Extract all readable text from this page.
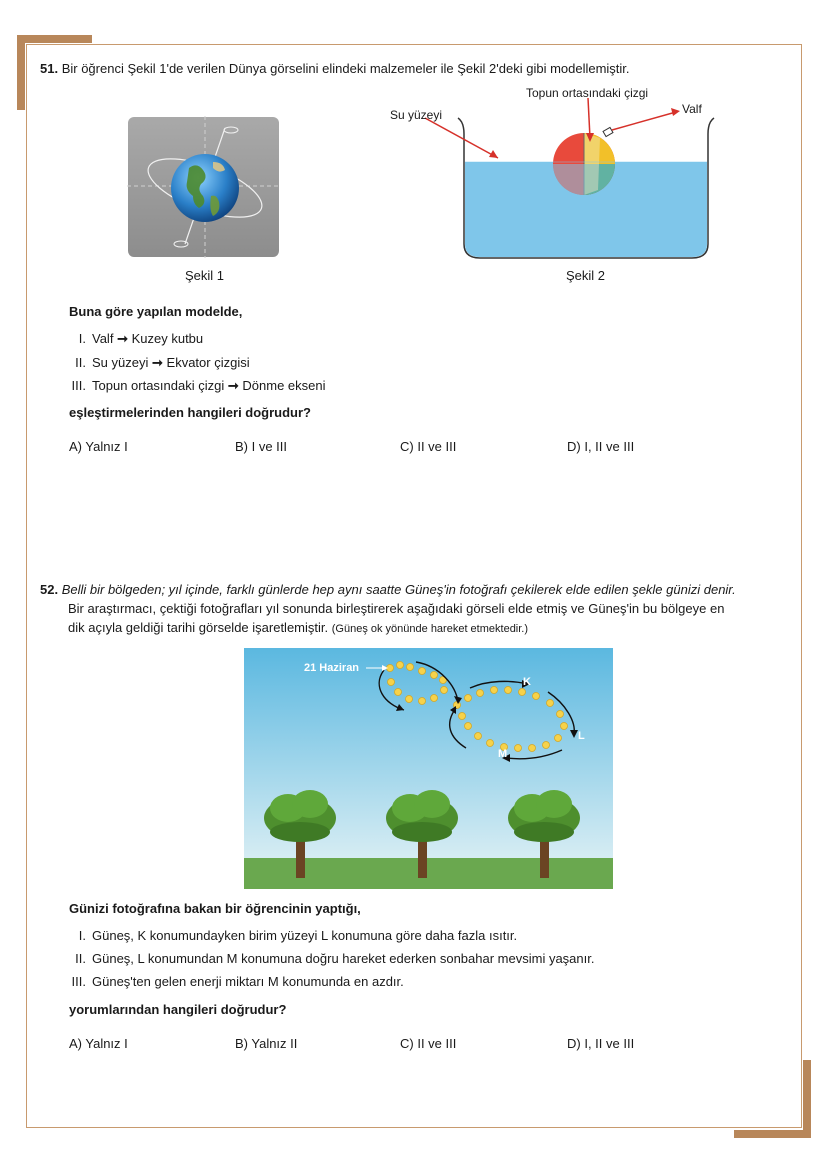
51. Bir öğrenci Şekil 1'de verilen Dünya görselini elindeki malzemeler ile Şekil 2'deki gibi modellemiştir.
Şekil 1
Su yüzeyi
Topun ortasındaki çizgi
Valf
Şekil 2
Buna göre yapılan modelde,
I. Valf ➞ Kuzey kutbu
II. Su yüzeyi ➞ Ekvator çizgisi
III. Topun ortasındaki çizgi ➞ Dönme ekseni
eşleştirmelerinden hangileri doğrudur?
A) Yalnız I	B) I ve III	C) II ve III	D) I, II ve III
52. Belli bir bölgeden; yıl içinde, farklı günlerde hep aynı saatte Güneş'in fotoğrafı çekilerek elde edilen şekle günizi denir.
Bir araştırmacı, çektiği fotoğrafları yıl sonunda birleştirerek aşağıdaki görseli elde etmiş ve Güneş'in bu bölgeye en
dik açıyla geldiği tarihi görselde işaretlemiştir. (Güneş ok yönünde hareket etmektedir.)
21 Haziran
K
L
M
Günizi fotoğrafına bakan bir öğrencinin yaptığı,
I. Güneş, K konumundayken birim yüzeyi L konumuna göre daha fazla ısıtır.
II. Güneş, L konumundan M konumuna doğru hareket ederken sonbahar mevsimi yaşanır.
III. Güneş'ten gelen enerji miktarı M konumunda en azdır.
yorumlarından hangileri doğrudur?
A) Yalnız I	B) Yalnız II	C) II ve III	D) I, II ve III
